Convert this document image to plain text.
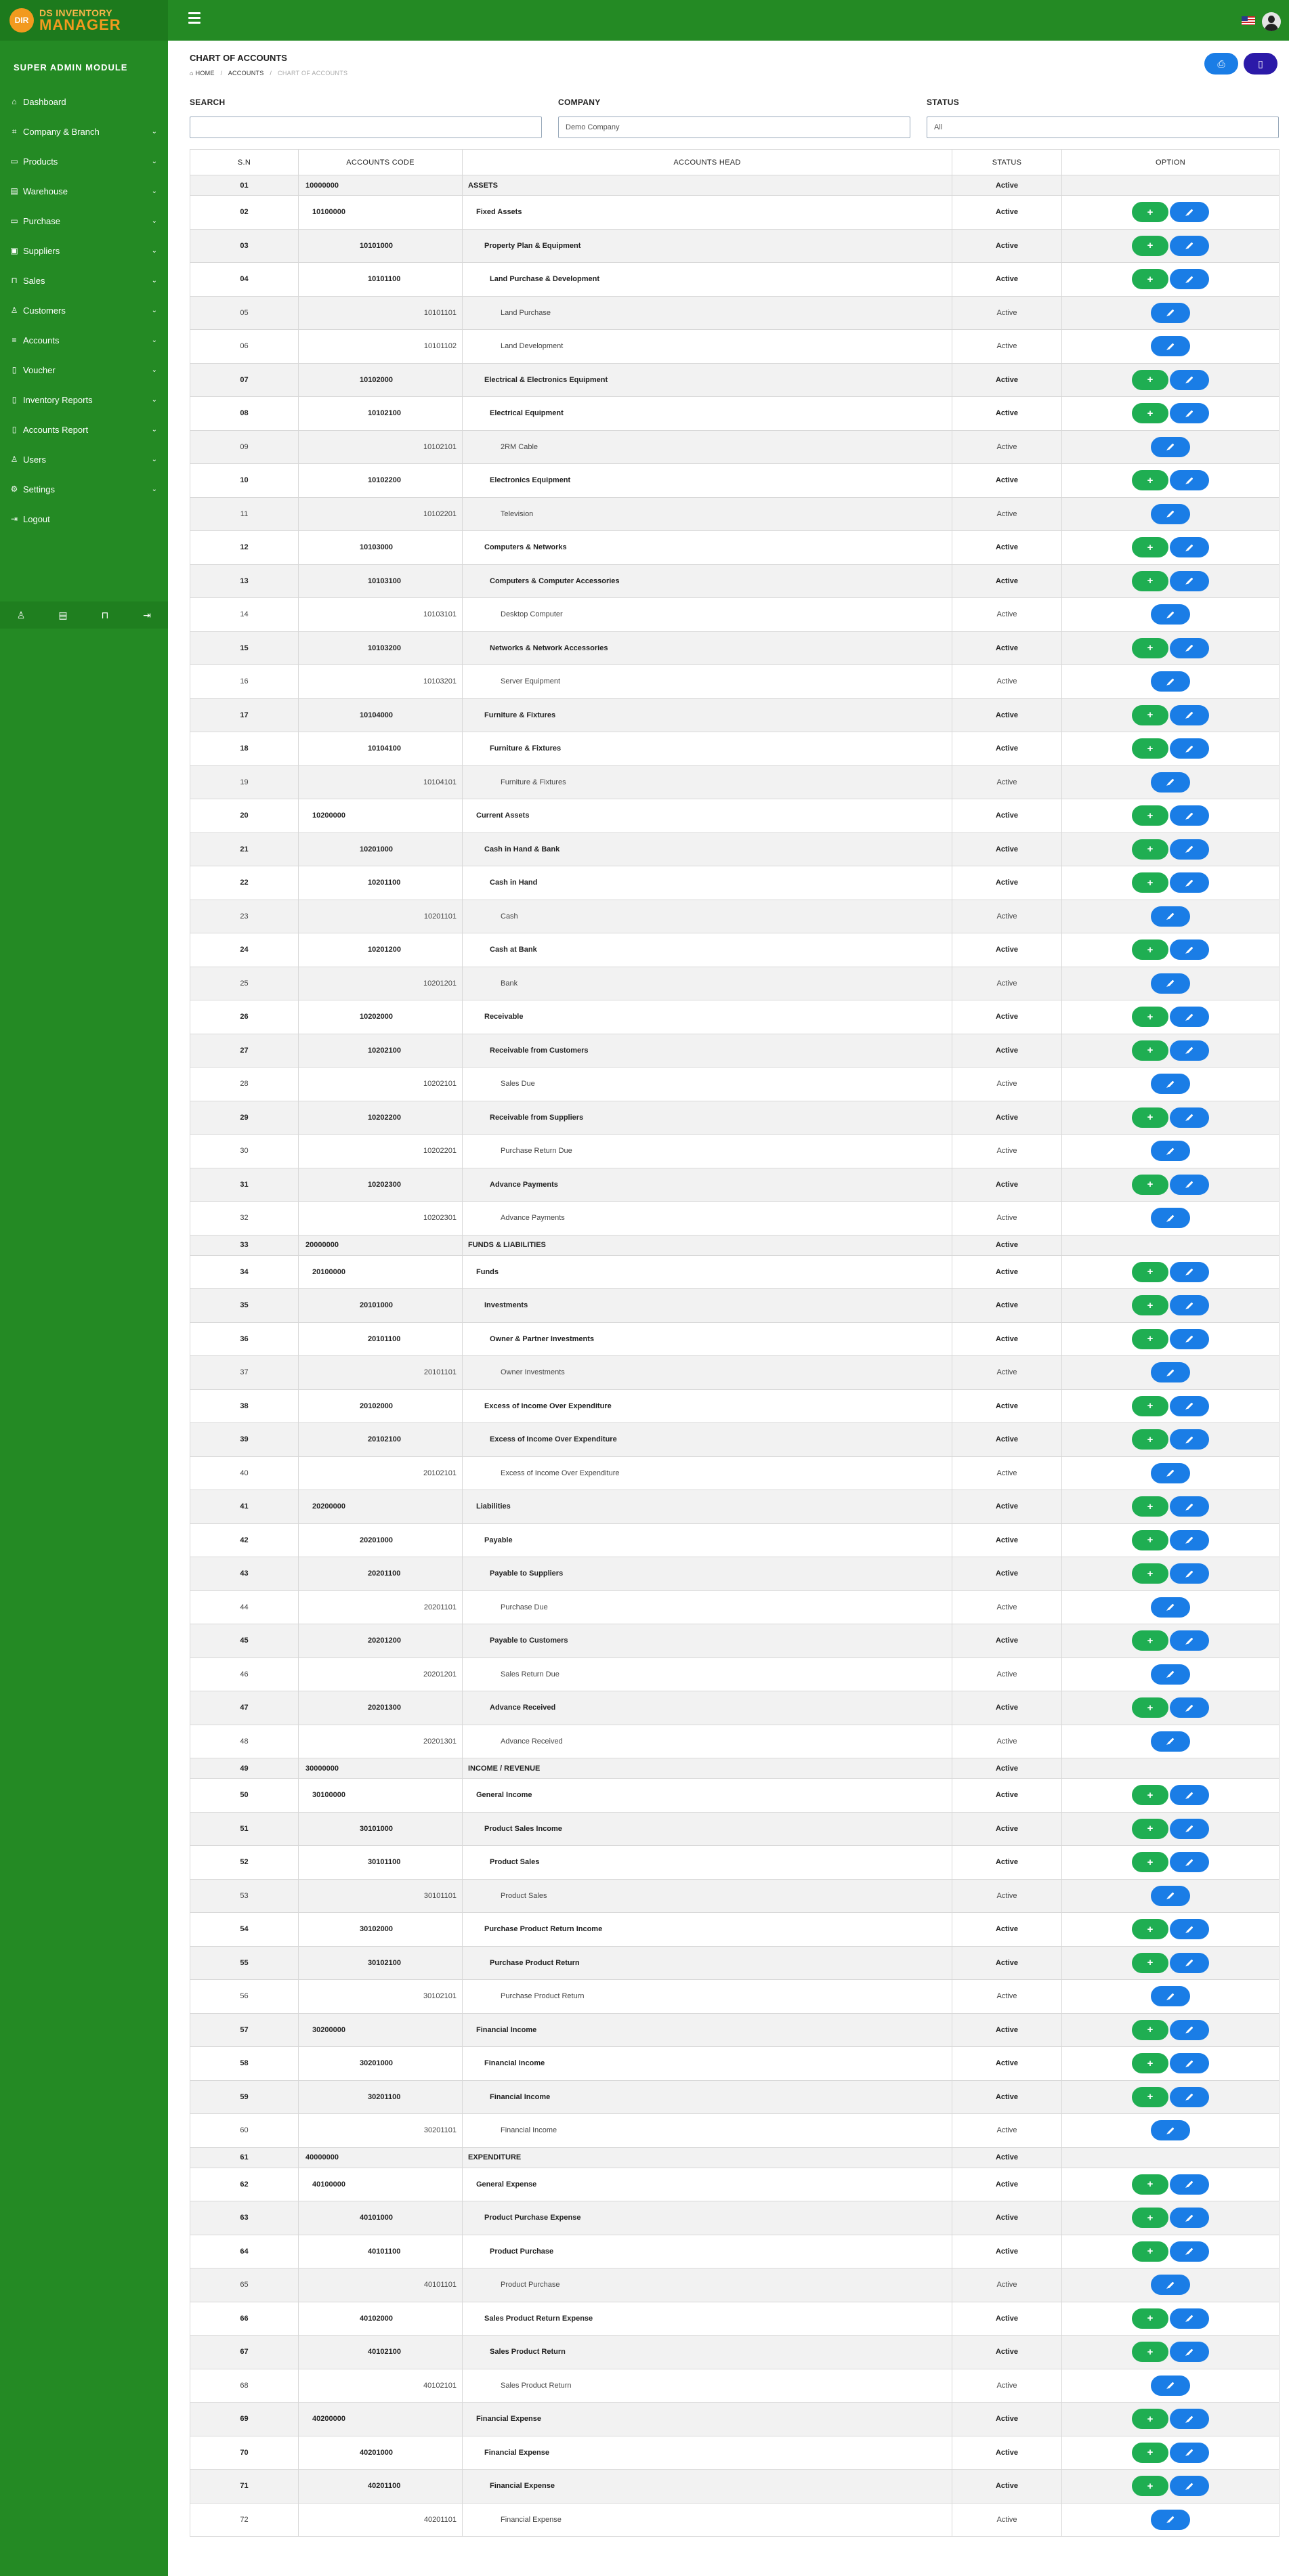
DIR
DS INVENTORY
MANAGER
SUPER ADMIN MODULE
⌂ Dashboard
⌗ Company & Branch	⌄
▭ Products	⌄
▤ Warehouse	⌄
▭ Purchase	⌄
▣ Suppliers	⌄
⊓ Sales	⌄
♙ Customers	⌄
≡ Accounts	⌄
▯ Voucher	⌄
▯ Inventory Reports	⌄
▯ Accounts Report	⌄
♙ Users	⌄
⚙ Settings	⌄
⇥ Logout
♙	▤	⊓	⇥
CHART OF ACCOUNTS
⌂ HOME / ACCOUNTS / CHART OF ACCOUNTS
⎙	▯
SEARCH	COMPANY
Demo Company
STATUS
All
S.N	ACCOUNTS CODE	ACCOUNTS HEAD	STATUS	OPTION
01	10000000	ASSETS	Active	
02	10100000	Fixed Assets	Active	+

03	10101000	Property Plan & Equipment	Active	+

04	10101100	Land Purchase & Development	Active	+

05	10101101	Land Purchase	Active	

06	10101102	Land Development	Active	

07	10102000	Electrical & Electronics Equipment	Active	+

08	10102100	Electrical Equipment	Active	+

09	10102101	2RM Cable	Active	

10	10102200	Electronics Equipment	Active	+

11	10102201	Television	Active	

12	10103000	Computers & Networks	Active	+

13	10103100	Computers & Computer Accessories	Active	+

14	10103101	Desktop Computer	Active	

15	10103200	Networks & Network Accessories	Active	+

16	10103201	Server Equipment	Active	

17	10104000	Furniture & Fixtures	Active	+

18	10104100	Furniture & Fixtures	Active	+

19	10104101	Furniture & Fixtures	Active	

20	10200000	Current Assets	Active	+

21	10201000	Cash in Hand & Bank	Active	+

22	10201100	Cash in Hand	Active	+

23	10201101	Cash	Active	

24	10201200	Cash at Bank	Active	+

25	10201201	Bank	Active	

26	10202000	Receivable	Active	+

27	10202100	Receivable from Customers	Active	+

28	10202101	Sales Due	Active	

29	10202200	Receivable from Suppliers	Active	+

30	10202201	Purchase Return Due	Active	

31	10202300	Advance Payments	Active	+

32	10202301	Advance Payments	Active	

33	20000000	FUNDS & LIABILITIES	Active	
34	20100000	Funds	Active	+

35	20101000	Investments	Active	+

36	20101100	Owner & Partner Investments	Active	+

37	20101101	Owner Investments	Active	

38	20102000	Excess of Income Over Expenditure	Active	+

39	20102100	Excess of Income Over Expenditure	Active	+

40	20102101	Excess of Income Over Expenditure	Active	

41	20200000	Liabilities	Active	+

42	20201000	Payable	Active	+

43	20201100	Payable to Suppliers	Active	+

44	20201101	Purchase Due	Active	

45	20201200	Payable to Customers	Active	+

46	20201201	Sales Return Due	Active	

47	20201300	Advance Received	Active	+

48	20201301	Advance Received	Active	

49	30000000	INCOME / REVENUE	Active	
50	30100000	General Income	Active	+

51	30101000	Product Sales Income	Active	+

52	30101100	Product Sales	Active	+

53	30101101	Product Sales	Active	

54	30102000	Purchase Product Return Income	Active	+

55	30102100	Purchase Product Return	Active	+

56	30102101	Purchase Product Return	Active	

57	30200000	Financial Income	Active	+

58	30201000	Financial Income	Active	+

59	30201100	Financial Income	Active	+

60	30201101	Financial Income	Active	

61	40000000	EXPENDITURE	Active	
62	40100000	General Expense	Active	+

63	40101000	Product Purchase Expense	Active	+

64	40101100	Product Purchase	Active	+

65	40101101	Product Purchase	Active	

66	40102000	Sales Product Return Expense	Active	+

67	40102100	Sales Product Return	Active	+

68	40102101	Sales Product Return	Active	

69	40200000	Financial Expense	Active	+

70	40201000	Financial Expense	Active	+

71	40201100	Financial Expense	Active	+

72	40201101	Financial Expense	Active	
